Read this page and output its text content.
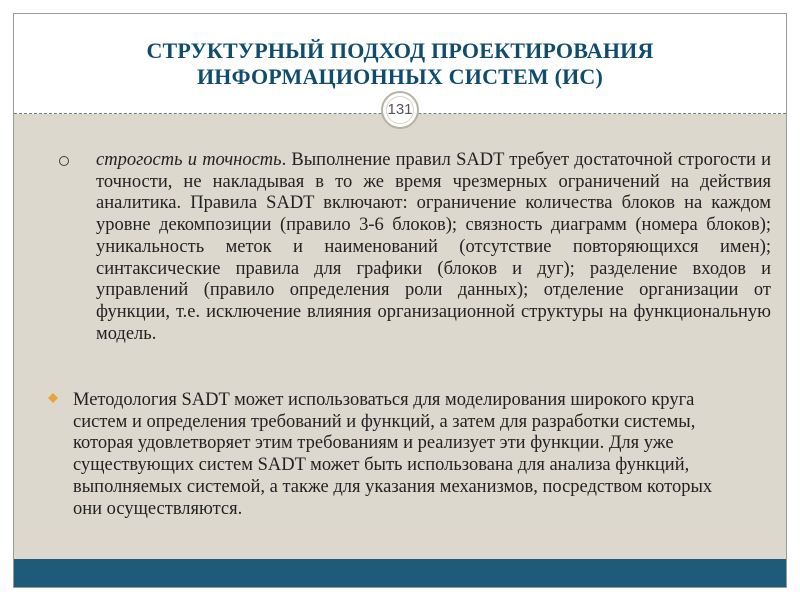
СТРУКТУРНЫЙ ПОДХОД ПРОЕКТИРОВАНИЯ
ИНФОРМАЦИОННЫХ СИСТЕМ (ИС)
131
строгость и точность. Выполнение правил SADT требует достаточной строгости и точности, не накладывая в то же время чрезмерных ограничений на действия аналитика. Правила SADT включают: ограничение количества блоков на каждом уровне декомпозиции (правило 3-6 блоков); связность диаграмм (номера блоков); уникальность меток и наименований (отсутствие повторяющихся имен); синтаксические правила для графики (блоков и дуг); разделение входов и управлений (правило определения роли данных); отделение организации от функции, т.е. исключение влияния организационной структуры на функциональную модель.
Методология SADT может использоваться для моделирования широкого круга систем и определения требований и функций, а затем для разработки системы, которая удовлетворяет этим требованиям и реализует эти функции. Для уже существующих систем SADT может быть использована для анализа функций, выполняемых системой, а также для указания механизмов, посредством которых они осуществляются.
